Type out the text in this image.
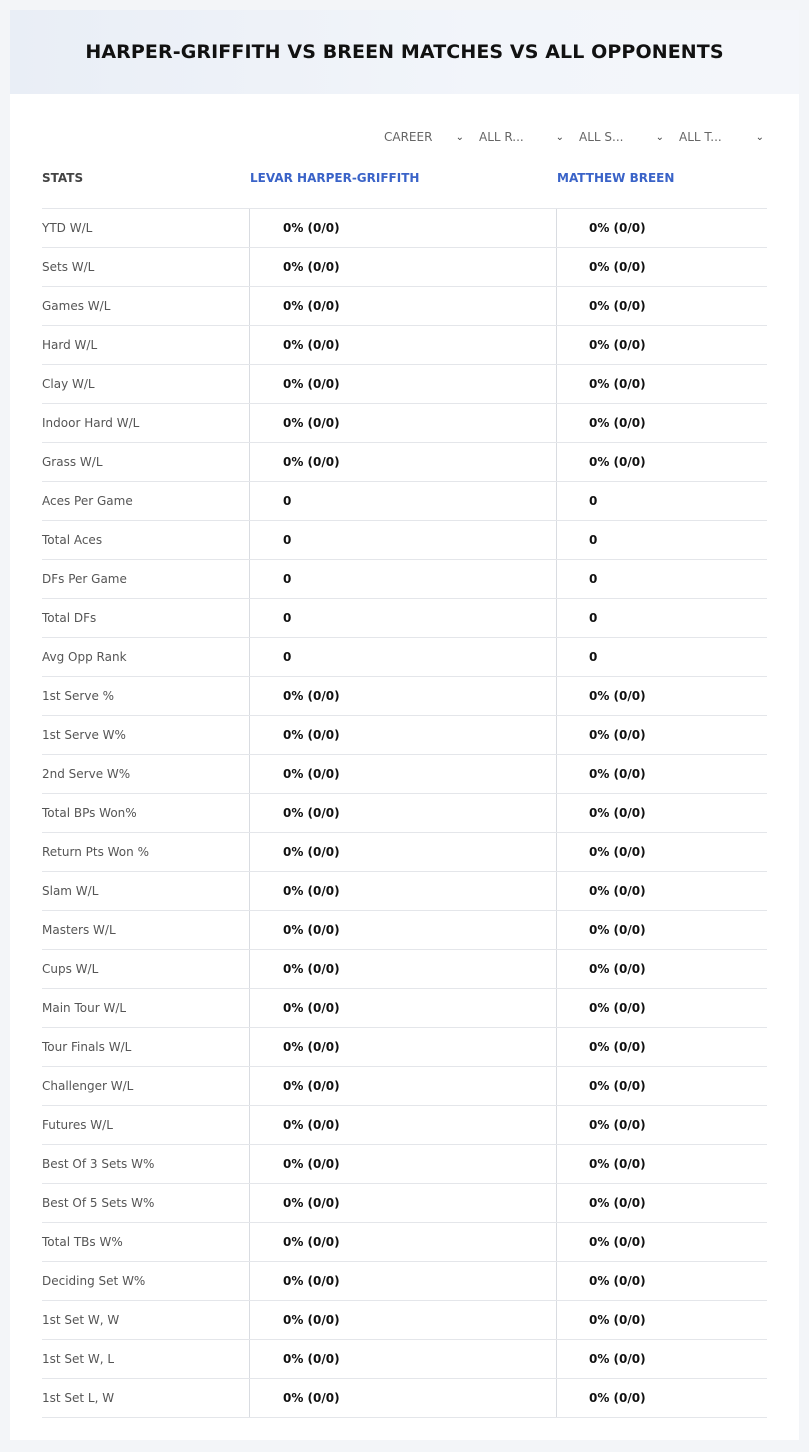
HARPER-GRIFFITH VS BREEN MATCHES VS ALL OPPONENTS
CAREER ⌄ ALL R...	⌄ ALL S...	⌄ ALL T...	⌄
STATS	LEVAR HARPER-GRIFFITH	MATTHEW BREEN
YTD W/L	0% (0/0)	0% (0/0)
Sets W/L	0% (0/0)	0% (0/0)
Games W/L	0% (0/0)	0% (0/0)
Hard W/L	0% (0/0)	0% (0/0)
Clay W/L	0% (0/0)	0% (0/0)
Indoor Hard W/L	0% (0/0)	0% (0/0)
Grass W/L	0% (0/0)	0% (0/0)
Aces Per Game	0	0
Total Aces	0	0
DFs Per Game	0	0
Total DFs	0	0
Avg Opp Rank	0	0
1st Serve %	0% (0/0)	0% (0/0)
1st Serve W%	0% (0/0)	0% (0/0)
2nd Serve W%	0% (0/0)	0% (0/0)
Total BPs Won%	0% (0/0)	0% (0/0)
Return Pts Won %	0% (0/0)	0% (0/0)
Slam W/L	0% (0/0)	0% (0/0)
Masters W/L	0% (0/0)	0% (0/0)
Cups W/L	0% (0/0)	0% (0/0)
Main Tour W/L	0% (0/0)	0% (0/0)
Tour Finals W/L	0% (0/0)	0% (0/0)
Challenger W/L	0% (0/0)	0% (0/0)
Futures W/L	0% (0/0)	0% (0/0)
Best Of 3 Sets W%	0% (0/0)	0% (0/0)
Best Of 5 Sets W%	0% (0/0)	0% (0/0)
Total TBs W%	0% (0/0)	0% (0/0)
Deciding Set W%	0% (0/0)	0% (0/0)
1st Set W, W	0% (0/0)	0% (0/0)
1st Set W, L	0% (0/0)	0% (0/0)
1st Set L, W	0% (0/0)	0% (0/0)
